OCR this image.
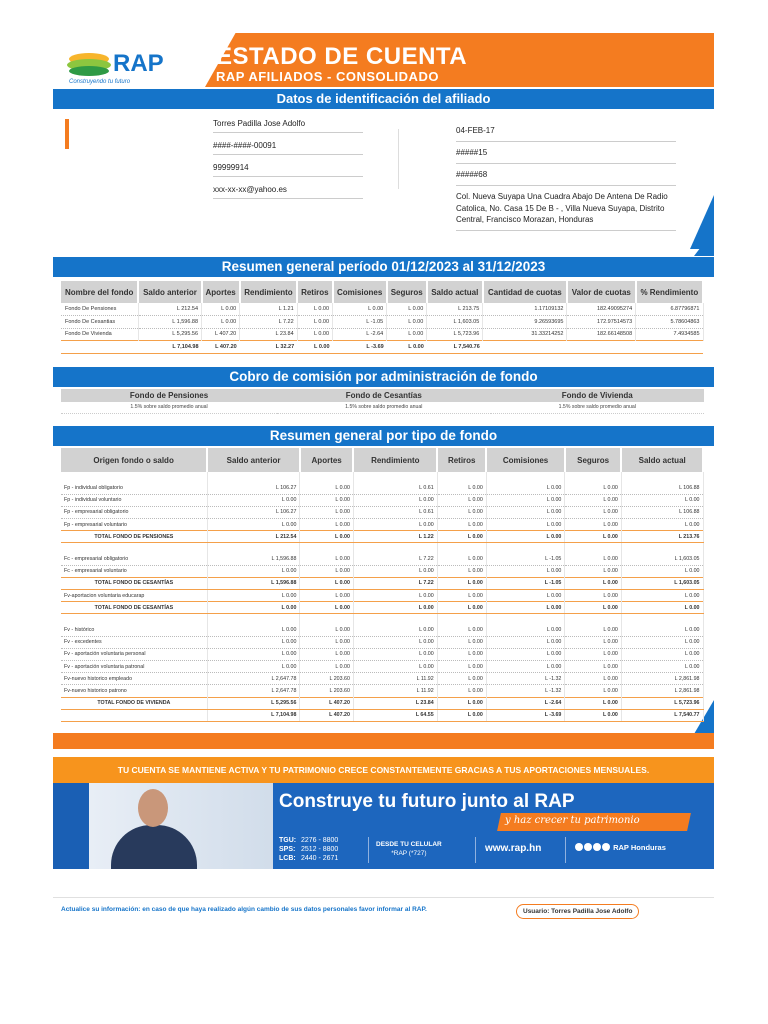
RAP
Construyendo tu futuro
ESTADO DE CUENTA
RAP AFILIADOS - CONSOLIDADO
Datos de identificación del afiliado
Torres Padilla Jose Adolfo
####-####-00091
99999914
xxx-xx-xx@yahoo.es
04-FEB-17
#####15
#####68
Col. Nueva Suyapa Una Cuadra Abajo De Antena De Radio Catolica, No. Casa 15 De B - , Villa Nueva Suyapa, Distrito Central, Francisco Morazan, Honduras
Resumen general período 01/12/2023 al 31/12/2023
Nombre del fondo	Saldo anterior	Aportes	Rendimiento	Retiros	Comisiones	Seguros	Saldo actual	Cantidad de cuotas	Valor de cuotas	% Rendimiento
Fondo De Pensiones	L 212.54	L 0.00	L 1.21	L 0.00	L 0.00	L 0.00	L 213.75	1.17109132	182.49095274	6.87796871
Fondo De Cesantias	L 1,596.88	L 0.00	L 7.22	L 0.00	L -1.05	L 0.00	L 1,603.05	9.26593695	172.97514573	5.78604863
Fondo De Vivienda	L 5,295.56	L 407.20	L 23.84	L 0.00	L -2.64	L 0.00	L 5,723.96	31.33214252	182.66148508	7.4934585
	L 7,104.98	L 407.20	L 32.27	L 0.00	L -3.69	L 0.00	L 7,540.76			
Cobro de comisión por administración de fondo
Fondo de Pensiones	Fondo de Cesantías	Fondo de Vivienda
1.5% sobre saldo promedio anual	1.5% sobre saldo promedio anual	1.5% sobre saldo promedio anual
Resumen general por tipo de fondo
Origen fondo o saldo	Saldo anterior	Aportes	Rendimiento	Retiros	Comisiones	Seguros	Saldo actual

Fp - individual obligatorio	L 106.27	L 0.00	L 0.61	L 0.00	L 0.00	L 0.00	L 106.88
Fp - individual voluntario	L 0.00	L 0.00	L 0.00	L 0.00	L 0.00	L 0.00	L 0.00
Fp - empresarial obligatorio	L 106.27	L 0.00	L 0.61	L 0.00	L 0.00	L 0.00	L 106.88
Fp - empresarial voluntario	L 0.00	L 0.00	L 0.00	L 0.00	L 0.00	L 0.00	L 0.00
TOTAL FONDO DE PENSIONES	L 212.54	L 0.00	L 1.22	L 0.00	L 0.00	L 0.00	L 213.76

Fc - empresarial obligatorio	L 1,596.88	L 0.00	L 7.22	L 0.00	L -1.05	L 0.00	L 1,603.05
Fc - empresarial voluntario	L 0.00	L 0.00	L 0.00	L 0.00	L 0.00	L 0.00	L 0.00
TOTAL FONDO DE CESANTÍAS	L 1,596.88	L 0.00	L 7.22	L 0.00	L -1.05	L 0.00	L 1,603.05
Fv-aportacion voluntaria educarap	L 0.00	L 0.00	L 0.00	L 0.00	L 0.00	L 0.00	L 0.00
TOTAL FONDO DE CESANTÍAS	L 0.00	L 0.00	L 0.00	L 0.00	L 0.00	L 0.00	L 0.00

Fv - histórico	L 0.00	L 0.00	L 0.00	L 0.00	L 0.00	L 0.00	L 0.00
Fv - excedentes	L 0.00	L 0.00	L 0.00	L 0.00	L 0.00	L 0.00	L 0.00
Fv - aportación voluntaria personal	L 0.00	L 0.00	L 0.00	L 0.00	L 0.00	L 0.00	L 0.00
Fv - aportación voluntaria patronal	L 0.00	L 0.00	L 0.00	L 0.00	L 0.00	L 0.00	L 0.00
Fv-nuevo historico empleado	L 2,647.78	L 203.60	L 11.92	L 0.00	L -1.32	L 0.00	L 2,861.98
Fv-nuevo historico patrono	L 2,647.78	L 203.60	L 11.92	L 0.00	L -1.32	L 0.00	L 2,861.98
TOTAL FONDO DE VIVIENDA	L 5,295.56	L 407.20	L 23.84	L 0.00	L -2.64	L 0.00	L 5,723.96
	L 7,104.98	L 407.20	L 64.55	L 0.00	L -3.69	L 0.00	L 7,540.77
TU CUENTA SE MANTIENE ACTIVA Y TU PATRIMONIO CRECE CONSTANTEMENTE GRACIAS A TUS APORTACIONES MENSUALES.
Construye tu futuro junto al RAP
y haz crecer tu patrimonio
TGU: 2276 - 8800
SPS: 2512 - 8800
LCB: 2440 - 2671
DESDE TU CELULAR
*RAP (*727)	www.rap.hn	RAP Honduras
Actualice su información: en caso de que haya realizado algún cambio de sus datos personales favor informar al RAP.	Usuario: Torres Padilla Jose Adolfo
